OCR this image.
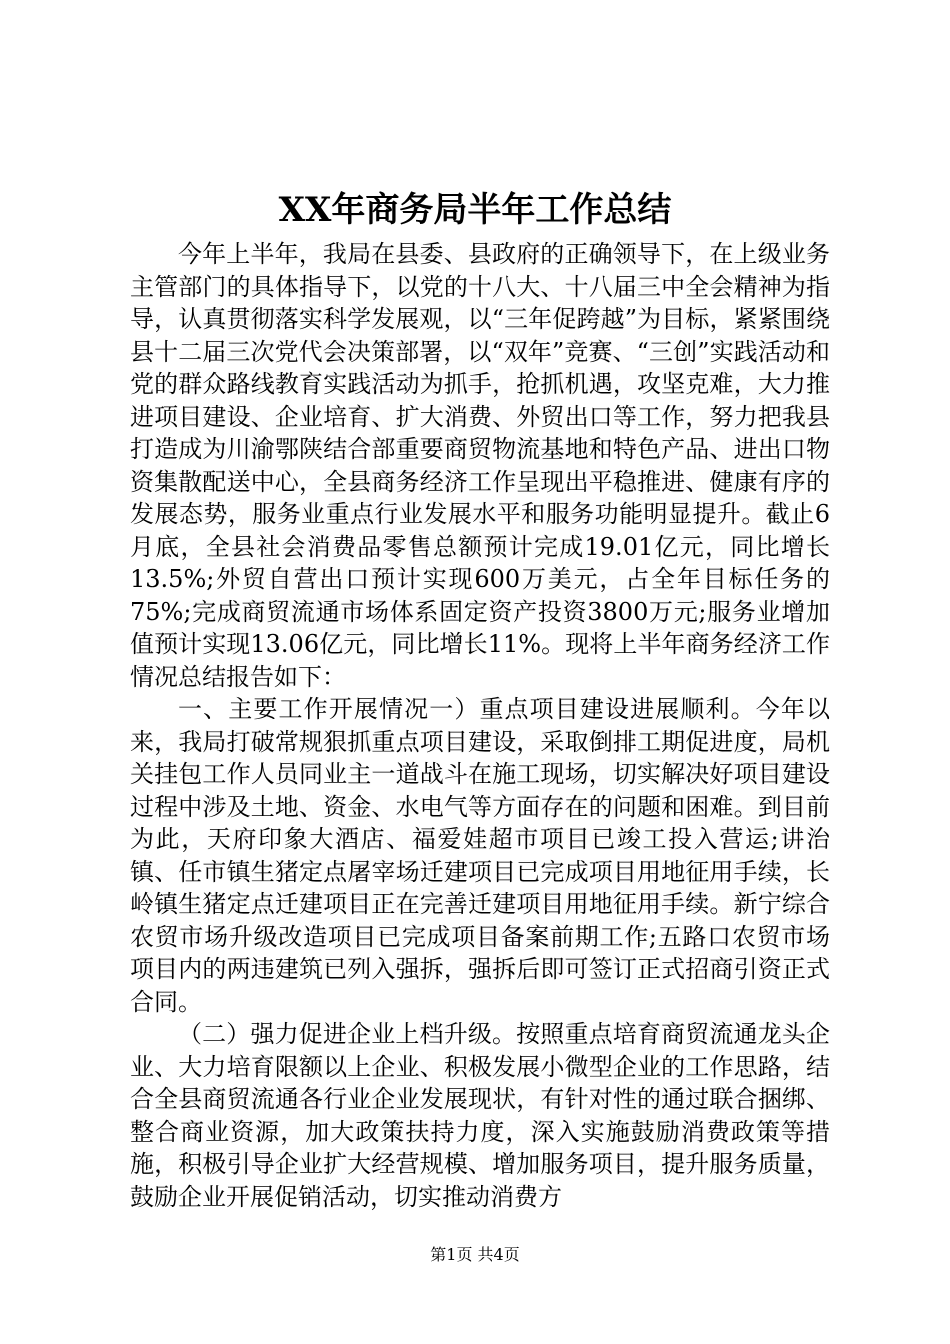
XX年商务局半年工作总结

今年上半年，我局在县委、县政府的正确领导下，在上级业务主管部门的具体指导下，以党的十八大、十八届三中全会精神为指导，认真贯彻落实科学发展观，以“三年促跨越”为目标，紧紧围绕县十二届三次党代会决策部署，以“双年”竞赛、“三创”实践活动和党的群众路线教育实践活动为抓手，抢抓机遇，攻坚克难，大力推进项目建设、企业培育、扩大消费、外贸出口等工作，努力把我县打造成为川渝鄂陕结合部重要商贸物流基地和特色产品、进出口物资集散配送中心，全县商务经济工作呈现出平稳推进、健康有序的发展态势，服务业重点行业发展水平和服务功能明显提升。截止6月底，全县社会消费品零售总额预计完成19.01亿元，同比增长13.5%;外贸自营出口预计实现600万美元，占全年目标任务的75%;完成商贸流通市场体系固定资产投资3800万元;服务业增加值预计实现13.06亿元，同比增长11%。现将上半年商务经济工作情况总结报告如下：

一、主要工作开展情况一）重点项目建设进展顺利。今年以来，我局打破常规狠抓重点项目建设，采取倒排工期促进度，局机关挂包工作人员同业主一道战斗在施工现场，切实解决好项目建设过程中涉及土地、资金、水电气等方面存在的问题和困难。到目前为此，天府印象大酒店、福爱娃超市项目已竣工投入营运;讲治镇、任市镇生猪定点屠宰场迁建项目已完成项目用地征用手续，长岭镇生猪定点迁建项目正在完善迁建项目用地征用手续。新宁综合农贸市场升级改造项目已完成项目备案前期工作;五路口农贸市场项目内的两违建筑已列入强拆，强拆后即可签订正式招商引资正式合同。

（二）强力促进企业上档升级。按照重点培育商贸流通龙头企业、大力培育限额以上企业、积极发展小微型企业的工作思路，结合全县商贸流通各行业企业发展现状，有针对性的通过联合捆绑、整合商业资源，加大政策扶持力度，深入实施鼓励消费政策等措施，积极引导企业扩大经营规模、增加服务项目，提升服务质量，鼓励企业开展促销活动，切实推动消费方

第1页 共4页
